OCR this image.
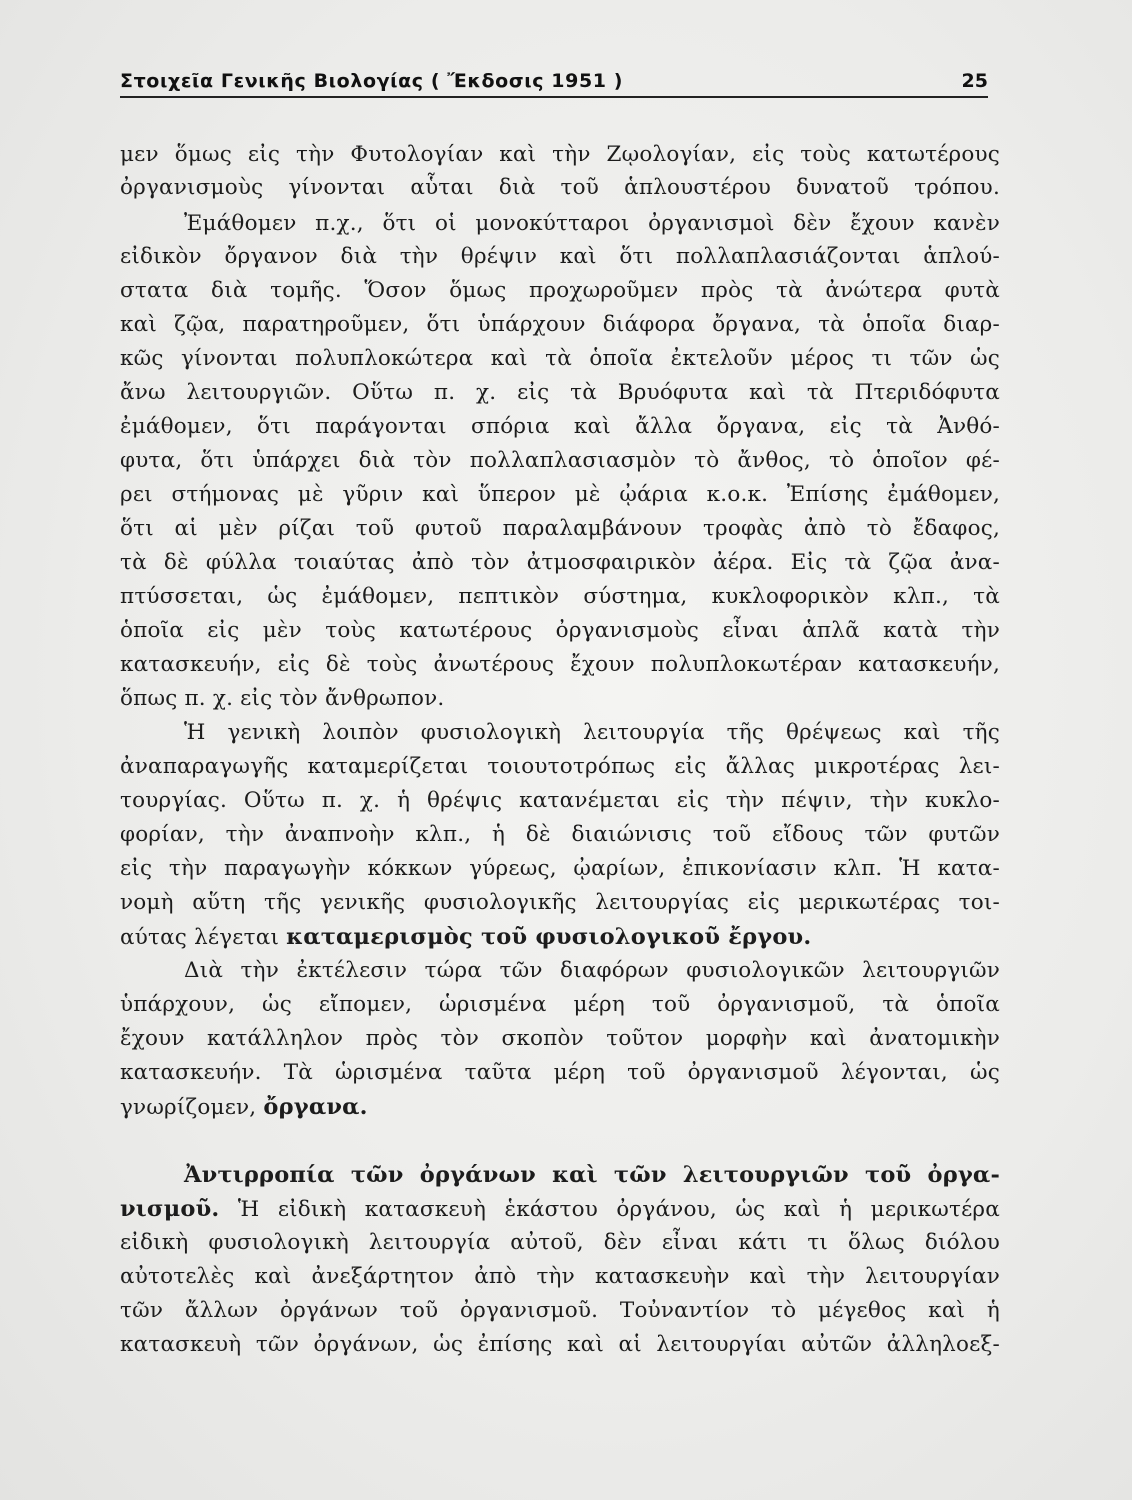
Στοιχεῖα Γενικῆς Βιολογίας ( Ἔκδοσις 1951 )	25
μεν ὅμως εἰς τὴν Φυτολογίαν καὶ τὴν Ζῳολογίαν, εἰς τοὺς κατωτέρους
ὀργανισμοὺς γίνονται αὗται διὰ τοῦ ἁπλουστέρου δυνατοῦ τρόπου.
Ἐμάθομεν π.χ., ὅτι οἱ μονοκύτταροι ὀργανισμοὶ δὲν ἔχουν κανὲν
εἰδικὸν ὄργανον διὰ τὴν θρέψιν καὶ ὅτι πολλαπλασιάζονται ἁπλού-
στατα διὰ τομῆς. Ὅσον ὅμως προχωροῦμεν πρὸς τὰ ἀνώτερα φυτὰ
καὶ ζῷα, παρατηροῦμεν, ὅτι ὑπάρχουν διάφορα ὄργανα, τὰ ὁποῖα διαρ-
κῶς γίνονται πολυπλοκώτερα καὶ τὰ ὁποῖα ἐκτελοῦν μέρος τι τῶν ὡς
ἄνω λειτουργιῶν. Οὕτω π. χ. εἰς τὰ Βρυόφυτα καὶ τὰ Πτεριδόφυτα
ἐμάθομεν, ὅτι παράγονται σπόρια καὶ ἄλλα ὄργανα, εἰς τὰ Ἀνθό-
φυτα, ὅτι ὑπάρχει διὰ τὸν πολλαπλασιασμὸν τὸ ἄνθος, τὸ ὁποῖον φέ-
ρει στήμονας μὲ γῦριν καὶ ὕπερον μὲ ᾠάρια κ.ο.κ. Ἐπίσης ἐμάθομεν,
ὅτι αἱ μὲν ρίζαι τοῦ φυτοῦ παραλαμβάνουν τροφὰς ἀπὸ τὸ ἔδαφος,
τὰ δὲ φύλλα τοιαύτας ἀπὸ τὸν ἀτμοσφαιρικὸν ἀέρα. Εἰς τὰ ζῷα ἀνα-
πτύσσεται, ὡς ἐμάθομεν, πεπτικὸν σύστημα, κυκλοφορικὸν κλπ., τὰ
ὁποῖα εἰς μὲν τοὺς κατωτέρους ὀργανισμοὺς εἶναι ἁπλᾶ κατὰ τὴν
κατασκευήν, εἰς δὲ τοὺς ἀνωτέρους ἔχουν πολυπλοκωτέραν κατασκευήν,
ὅπως π. χ. εἰς τὸν ἄνθρωπον.
Ἡ γενικὴ λοιπὸν φυσιολογικὴ λειτουργία τῆς θρέψεως καὶ τῆς
ἀναπαραγωγῆς καταμερίζεται τοιουτοτρόπως εἰς ἄλλας μικροτέρας λει-
τουργίας. Οὕτω π. χ. ἡ θρέψις κατανέμεται εἰς τὴν πέψιν, τὴν κυκλο-
φορίαν, τὴν ἀναπνοὴν κλπ., ἡ δὲ διαιώνισις τοῦ εἴδους τῶν φυτῶν
εἰς τὴν παραγωγὴν κόκκων γύρεως, ᾠαρίων, ἐπικονίασιν κλπ. Ἡ κατα-
νομὴ αὕτη τῆς γενικῆς φυσιολογικῆς λειτουργίας εἰς μερικωτέρας τοι-
αύτας λέγεται καταμερισμὸς τοῦ φυσιολογικοῦ ἔργου.
Διὰ τὴν ἐκτέλεσιν τώρα τῶν διαφόρων φυσιολογικῶν λειτουργιῶν
ὑπάρχουν, ὡς εἴπομεν, ὡρισμένα μέρη τοῦ ὀργανισμοῦ, τὰ ὁποῖα
ἔχουν κατάλληλον πρὸς τὸν σκοπὸν τοῦτον μορφὴν καὶ ἀνατομικὴν
κατασκευήν. Τὰ ὡρισμένα ταῦτα μέρη τοῦ ὀργανισμοῦ λέγονται, ὡς
γνωρίζομεν, ὄργανα.
Ἀντιρροπία τῶν ὀργάνων καὶ τῶν λειτουργιῶν τοῦ ὀργα-
νισμοῦ. Ἡ εἰδικὴ κατασκευὴ ἑκάστου ὀργάνου, ὡς καὶ ἡ μερικωτέρα
εἰδικὴ φυσιολογικὴ λειτουργία αὐτοῦ, δὲν εἶναι κάτι τι ὅλως διόλου
αὐτοτελὲς καὶ ἀνεξάρτητον ἀπὸ τὴν κατασκευὴν καὶ τὴν λειτουργίαν
τῶν ἄλλων ὀργάνων τοῦ ὀργανισμοῦ. Τοὐναντίον τὸ μέγεθος καὶ ἡ
κατασκευὴ τῶν ὀργάνων, ὡς ἐπίσης καὶ αἱ λειτουργίαι αὐτῶν ἀλληλοεξ-
